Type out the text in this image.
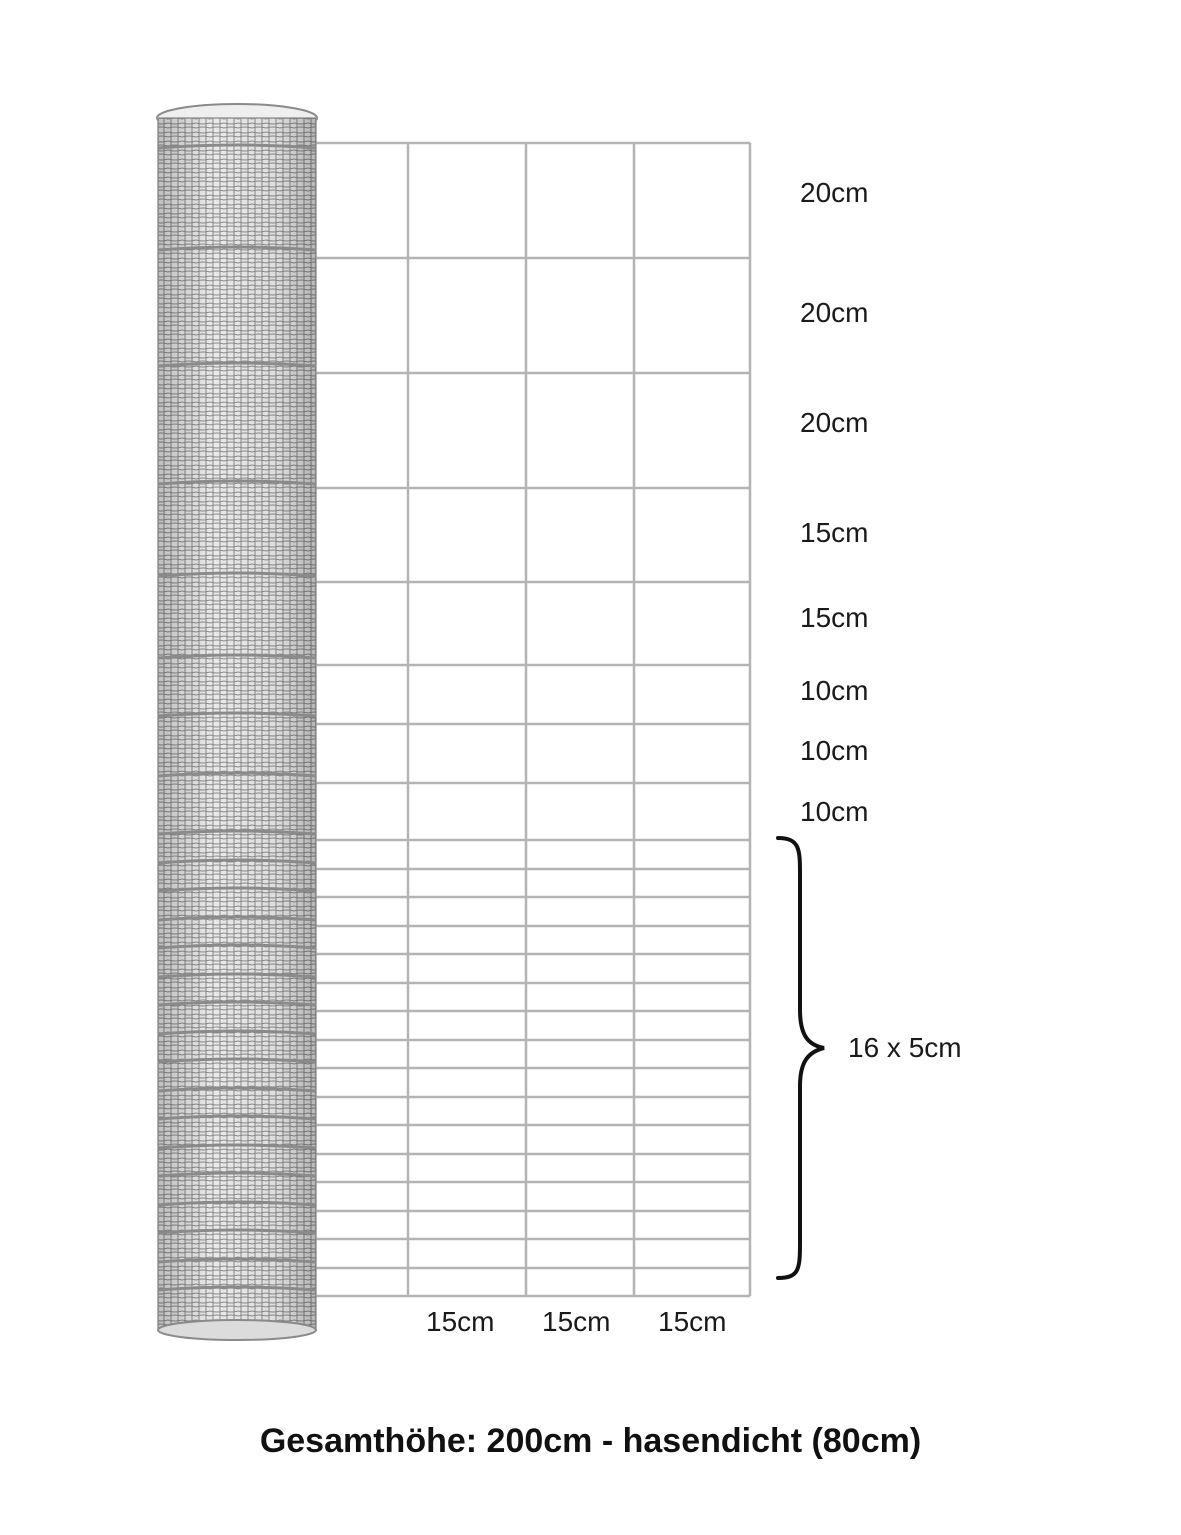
20cm
20cm
20cm
15cm
15cm
10cm
10cm
10cm
16 x 5cm
15cm 15cm 15cm
Gesamthöhe: 200cm - hasendicht (80cm)
